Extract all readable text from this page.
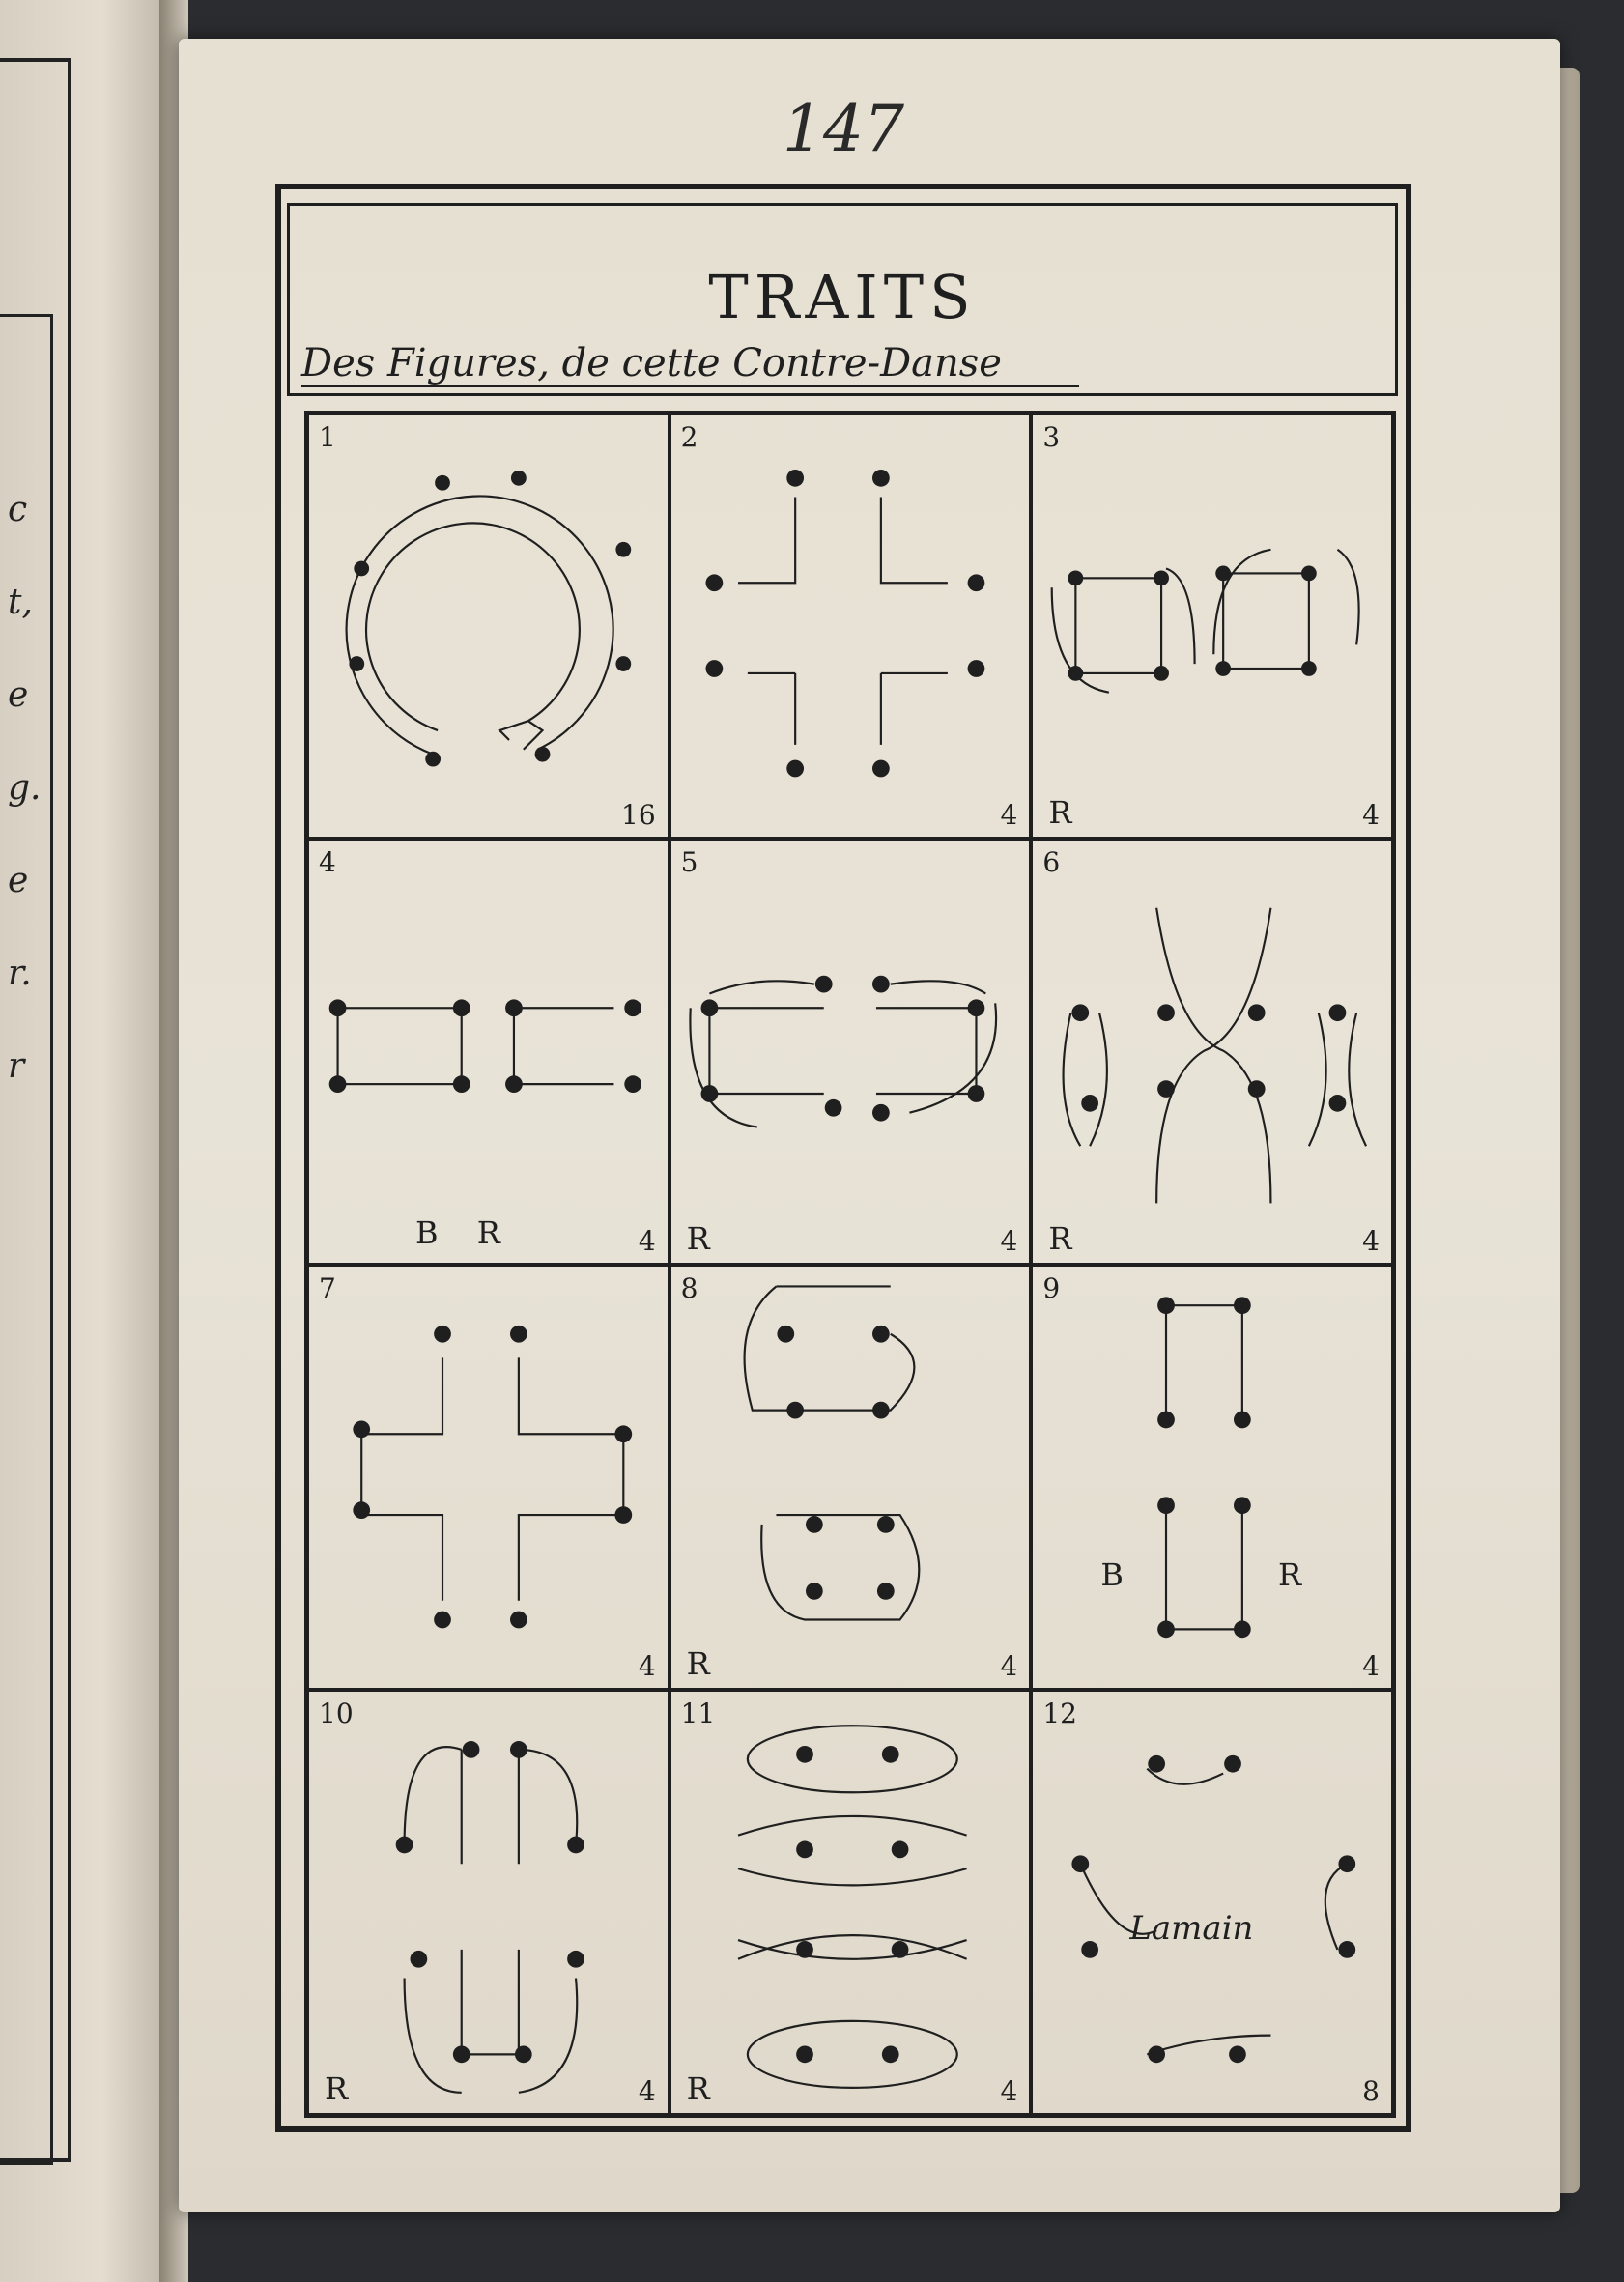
c
t,
e
g.
e
r.
r
147
TRAITS
Des Figures, de cette Contre-Danse
1
16
2
4
3
R	4
4
B R	4
5
R	4
6
R	4
7
4
8
R	4
9
B R
4
10
R	4
11
R	4
12
Lamain
8
